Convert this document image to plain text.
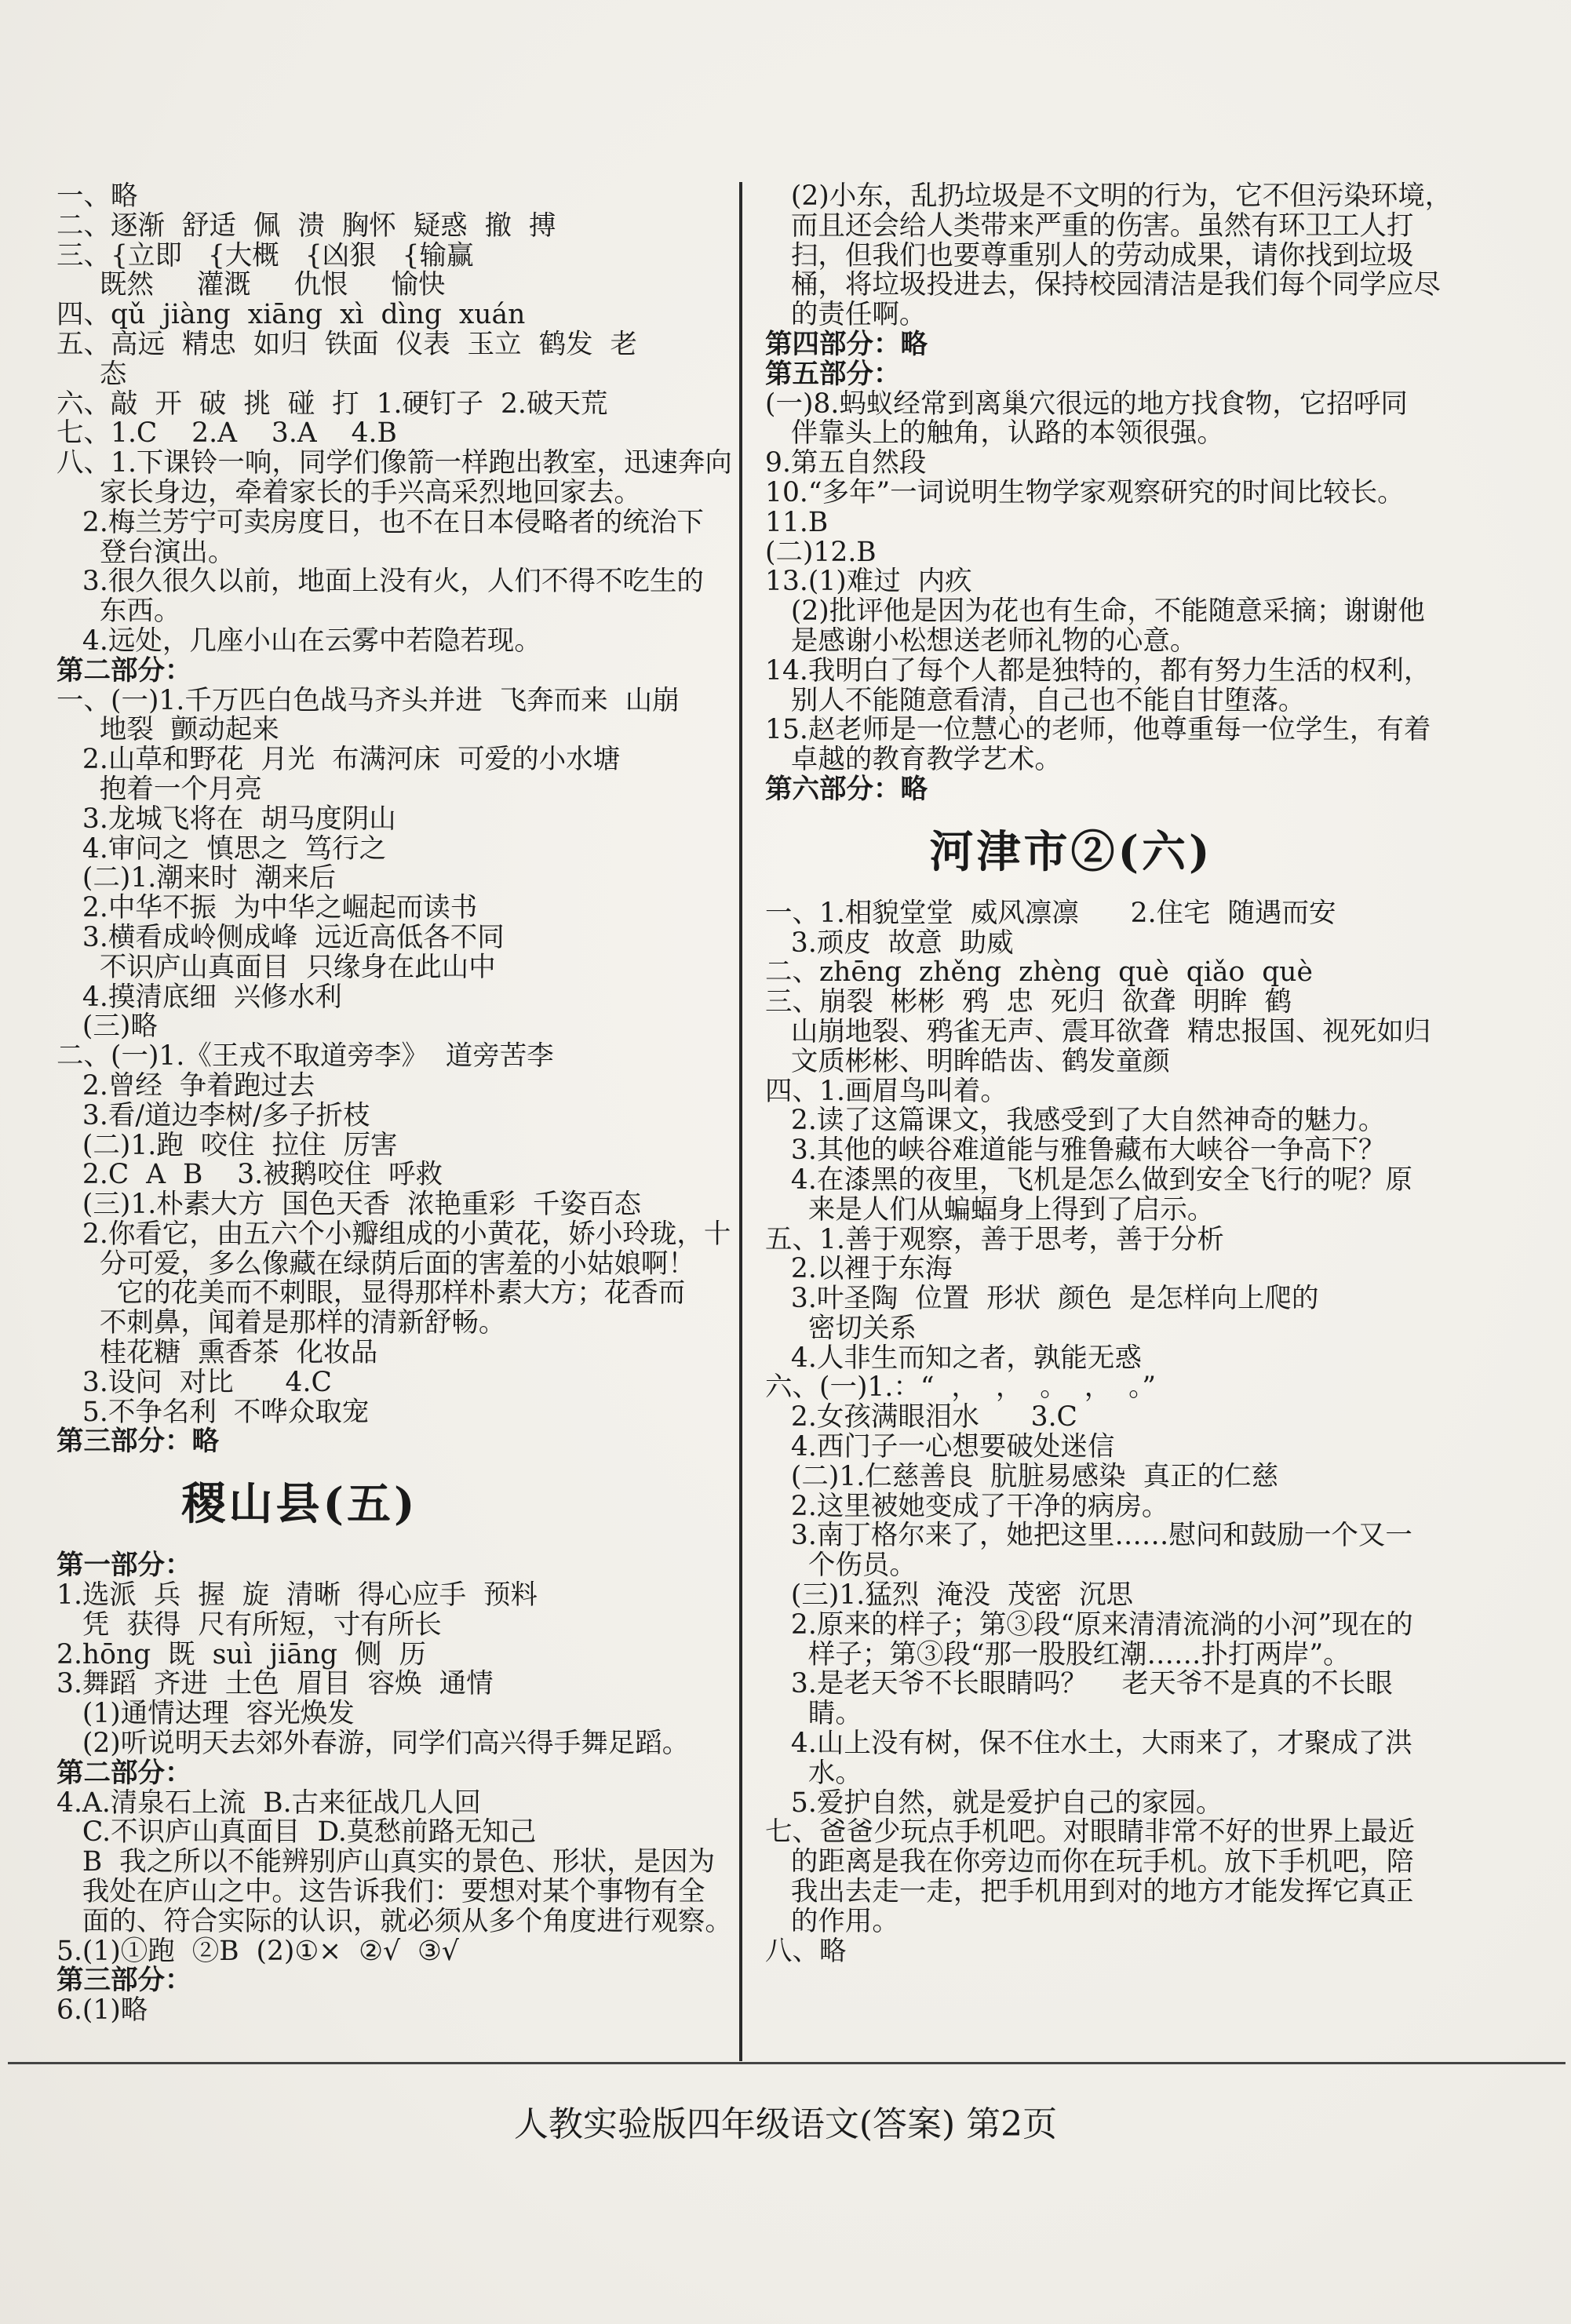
一、略
二、逐渐  舒适  佩  溃  胸怀  疑惑  撤  搏
三、{立即   {大概   {凶狠   {输赢
既然     灌溉     仇恨     愉快
四、qǔ  jiàng  xiāng  xì  dìng  xuán
五、高远  精忠  如归  铁面  仪表  玉立  鹤发  老
态
六、敲  开  破  挑  碰  打  1.硬钉子  2.破天荒
七、1.C    2.A    3.A    4.B
八、1.下课铃一响，同学们像箭一样跑出教室，迅速奔向
家长身边，牵着家长的手兴高采烈地回家去。
2.梅兰芳宁可卖房度日，也不在日本侵略者的统治下
登台演出。
3.很久很久以前，地面上没有火，人们不得不吃生的
东西。
4.远处，几座小山在云雾中若隐若现。
第二部分：
一、(一)1.千万匹白色战马齐头并进  飞奔而来  山崩
地裂  颤动起来
2.山草和野花  月光  布满河床  可爱的小水塘
抱着一个月亮
3.龙城飞将在  胡马度阴山
4.审问之  慎思之  笃行之
(二)1.潮来时  潮来后
2.中华不振  为中华之崛起而读书
3.横看成岭侧成峰  远近高低各不同
不识庐山真面目  只缘身在此山中
4.摸清底细  兴修水利
(三)略
二、(一)1.《王戎不取道旁李》  道旁苦李
2.曾经  争着跑过去
3.看/道边李树/多子折枝
(二)1.跑  咬住  拉住  厉害
2.C  A  B    3.被鹅咬住  呼救
(三)1.朴素大方  国色天香  浓艳重彩  千姿百态
2.你看它，由五六个小瓣组成的小黄花，娇小玲珑，十
分可爱，多么像藏在绿荫后面的害羞的小姑娘啊！
它的花美而不刺眼，显得那样朴素大方；花香而
不刺鼻，闻着是那样的清新舒畅。
桂花糖  熏香茶  化妆品
3.设问  对比      4.C
5.不争名利  不哗众取宠
第三部分：略
稷山县(五)
第一部分：
1.选派  兵  握  旋  清晰  得心应手  预料
凭  获得  尺有所短，寸有所长
2.hōng  既  suì  jiāng  侧  历
3.舞蹈  齐进  土色  眉目  容焕  通情
(1)通情达理  容光焕发
(2)听说明天去郊外春游，同学们高兴得手舞足蹈。
第二部分：
4.A.清泉石上流  B.古来征战几人回
C.不识庐山真面目  D.莫愁前路无知己
B  我之所以不能辨别庐山真实的景色、形状，是因为
我处在庐山之中。这告诉我们：要想对某个事物有全
面的、符合实际的认识，就必须从多个角度进行观察。
5.(1)①跑  ②B  (2)①×  ②√  ③√
第三部分：
6.(1)略
(2)小东，乱扔垃圾是不文明的行为，它不但污染环境，
而且还会给人类带来严重的伤害。虽然有环卫工人打
扫，但我们也要尊重别人的劳动成果，请你找到垃圾
桶，将垃圾投进去，保持校园清洁是我们每个同学应尽
的责任啊。
第四部分：略
第五部分：
(一)8.蚂蚁经常到离巢穴很远的地方找食物，它招呼同
伴靠头上的触角，认路的本领很强。
9.第五自然段
10.“多年”一词说明生物学家观察研究的时间比较长。
11.B
(二)12.B
13.(1)难过  内疚
(2)批评他是因为花也有生命，不能随意采摘；谢谢他
是感谢小松想送老师礼物的心意。
14.我明白了每个人都是独特的，都有努力生活的权利，
别人不能随意看清，自己也不能自甘堕落。
15.赵老师是一位慧心的老师，他尊重每一位学生，有着
卓越的教育教学艺术。
第六部分：略
河津市②(六)
一、1.相貌堂堂  威风凛凛      2.住宅  随遇而安
3.顽皮  故意  助威
二、zhēng  zhěng  zhèng  què  qiǎo  què
三、崩裂  彬彬  鸦  忠  死归  欲聋  明眸  鹤
山崩地裂、鸦雀无声、震耳欲聋  精忠报国、视死如归
文质彬彬、明眸皓齿、鹤发童颜
四、1.画眉鸟叫着。
2.读了这篇课文，我感受到了大自然神奇的魅力。
3.其他的峡谷难道能与雅鲁藏布大峡谷一争高下？
4.在漆黑的夜里，飞机是怎么做到安全飞行的呢？原
来是人们从蝙蝠身上得到了启示。
五、1.善于观察，善于思考，善于分析
2.以裡于东海
3.叶圣陶  位置  形状  颜色  是怎样向上爬的
密切关系
4.人非生而知之者，孰能无惑
六、(一)1.：“  ，  ，  。  ，  。”
2.女孩满眼泪水      3.C
4.西门子一心想要破处迷信
(二)1.仁慈善良  肮脏易感染  真正的仁慈
2.这里被她变成了干净的病房。
3.南丁格尔来了，她把这里……慰问和鼓励一个又一
个伤员。
(三)1.猛烈  淹没  茂密  沉思
2.原来的样子；第③段“原来清清流淌的小河”现在的
样子；第③段“那一股股红潮……扑打两岸”。
3.是老天爷不长眼睛吗？    老天爷不是真的不长眼
睛。
4.山上没有树，保不住水土，大雨来了，才聚成了洪
水。
5.爱护自然，就是爱护自己的家园。
七、爸爸少玩点手机吧。对眼睛非常不好的世界上最近
的距离是我在你旁边而你在玩手机。放下手机吧，陪
我出去走一走，把手机用到对的地方才能发挥它真正
的作用。
八、略
人教实验版四年级语文(答案) 第2页
